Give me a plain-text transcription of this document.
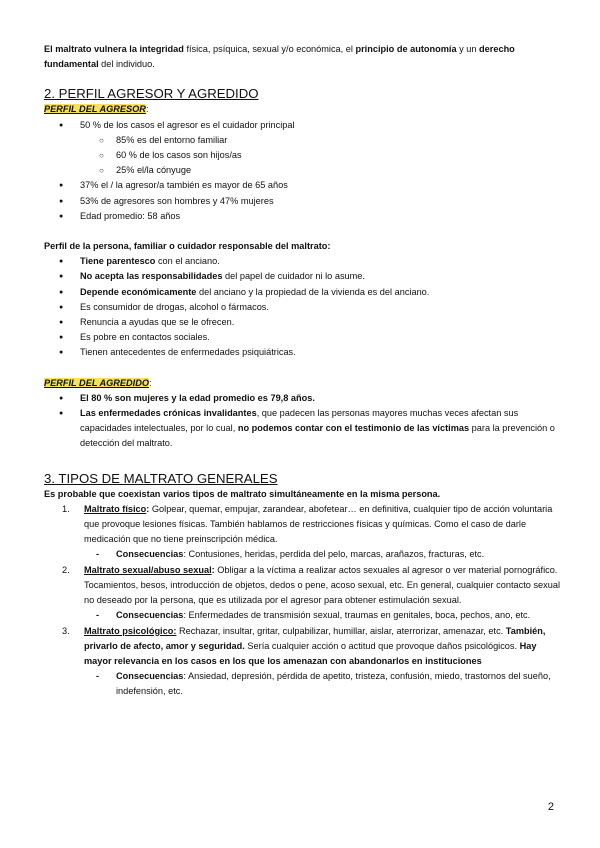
El maltrato vulnera la integridad física, psíquica, sexual y/o económica, el principio de autonomía y un derecho fundamental del individuo.

2. PERFIL AGRESOR Y AGREDIDO

PERFIL DEL AGRESOR:

● 50 % de los casos el agresor es el cuidador principal
○ 85% es del entorno familiar
○ 60 % de los casos son hijos/as
○ 25% el/la cónyuge
● 37% el / la agresor/a también es mayor de 65 años
● 53% de agresores son hombres y 47% mujeres
● Edad promedio: 58 años

Perfil de la persona, familiar o cuidador responsable del maltrato:

● Tiene parentesco con el anciano.
● No acepta las responsabilidades del papel de cuidador ni lo asume.
● Depende económicamente del anciano y la propiedad de la vivienda es del anciano.
● Es consumidor de drogas, alcohol o fármacos.
● Renuncia a ayudas que se le ofrecen.
● Es pobre en contactos sociales.
● Tienen antecedentes de enfermedades psiquiátricas.

PERFIL DEL AGREDIDO:

● El 80 % son mujeres y la edad promedio es 79,8 años.
● Las enfermedades crónicas invalidantes, que padecen las personas mayores muchas veces afectan sus capacidades intelectuales, por lo cual, no podemos contar con el testimonio de las víctimas para la prevención o detección del maltrato.
3. TIPOS DE MALTRATO GENERALES

Es probable que coexistan varios tipos de maltrato simultáneamente en la misma persona.

1. Maltrato físico: Golpear, quemar, empujar, zarandear, abofetear… en definitiva, cualquier tipo de acción voluntaria que provoque lesiones físicas. También hablamos de restricciones físicas y químicas. Como el caso de darle medicación que no tiene preinscripción médica.
- Consecuencias: Contusiones, heridas, perdida del pelo, marcas, arañazos, fracturas, etc.
2. Maltrato sexual/abuso sexual: Obligar a la víctima a realizar actos sexuales al agresor o ver material pornográfico. Tocamientos, besos, introducción de objetos, dedos o pene, acoso sexual, etc. En general, cualquier contacto sexual no deseado por la persona, que es utilizada por el agresor para obtener estimulación sexual.
- Consecuencias: Enfermedades de transmisión sexual, traumas en genitales, boca, pechos, ano, etc.
3. Maltrato psicológico: Rechazar, insultar, gritar, culpabilizar, humillar, aislar, aterrorizar, amenazar, etc. También, privarlo de afecto, amor y seguridad. Sería cualquier acción o actitud que provoque daños psicológicos. Hay mayor relevancia en los casos en los que los amenazan con abandonarlos en instituciones
- Consecuencias: Ansiedad, depresión, pérdida de apetito, tristeza, confusión, miedo, trastornos del sueño, indefensión, etc.
2
